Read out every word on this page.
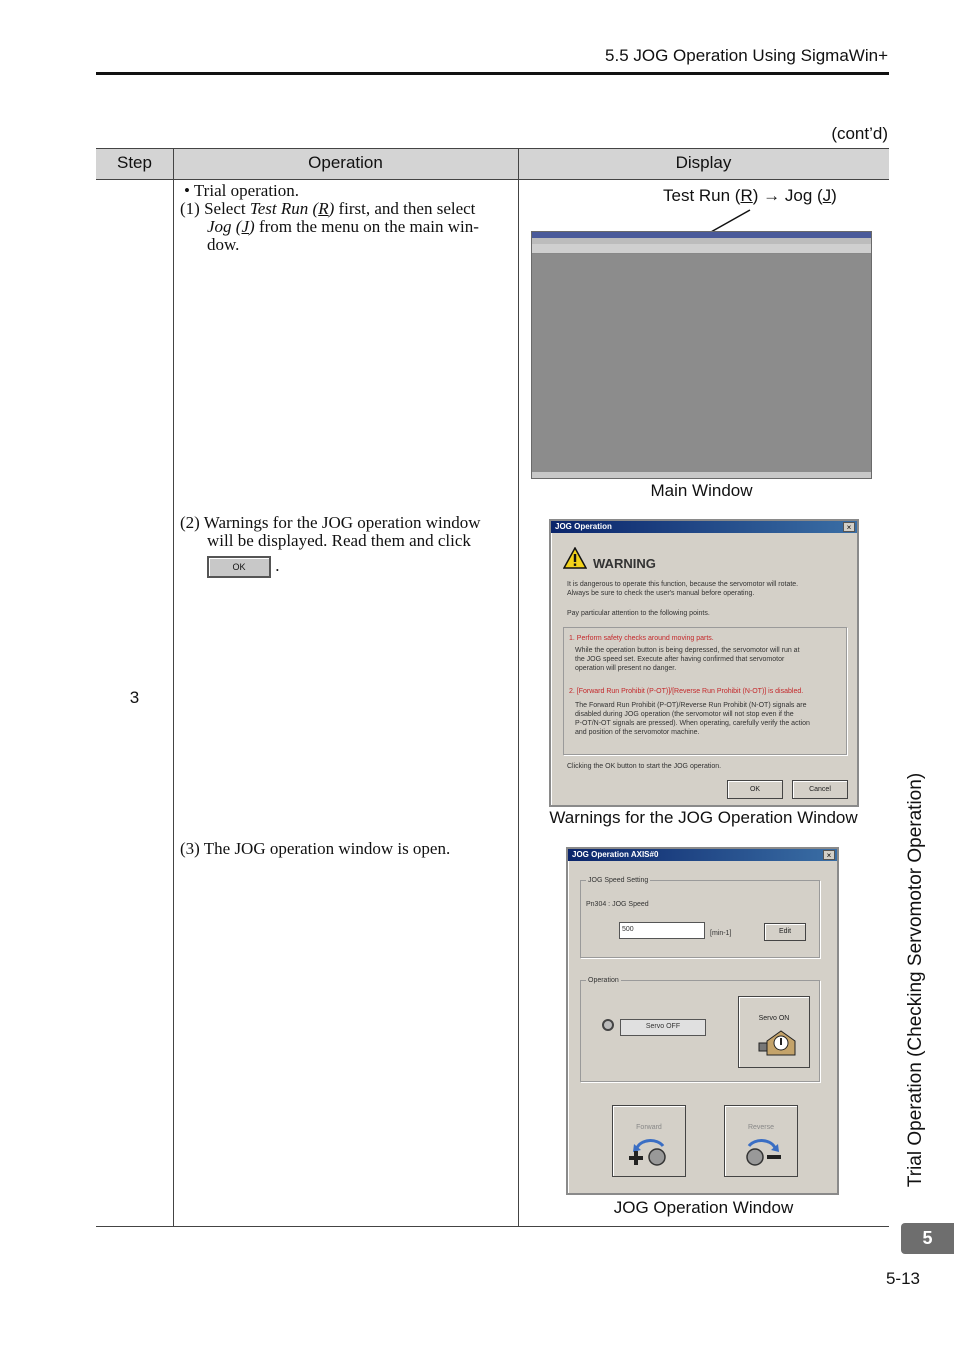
5.5 JOG Operation Using SigmaWin+
(cont’d)
Step	Operation	Display
3
• Trial operation.
(1) Select Test Run (R) first, and then select
Jog (J) from the menu on the main win-
dow.
(2) Warnings for the JOG operation window
will be displayed. Read them and click
OK .
(3) The JOG operation window is open.
Test Run (R) → Jog (J)
Main Window
JOG Operation	×
WARNING
It is dangerous to operate this function, because the servomotor will rotate.
Always be sure to check the user's manual before operating.
Pay particular attention to the following points.
1. Perform safety checks around moving parts.
While the operation button is being depressed, the servomotor will run at
the JOG speed set. Execute after having confirmed that servomotor
operation will present no danger.
2. [Forward Run Prohibit (P-OT)]/[Reverse Run Prohibit (N-OT)] is disabled.
The Forward Run Prohibit (P-OT)/Reverse Run Prohibit (N-OT) signals are
disabled during JOG operation (the servomotor will not stop even if the
P-OT/N-OT signals are pressed). When operating, carefully verify the action
and position of the servomotor machine.
Clicking the OK button to start the JOG operation.
OK	Cancel
Warnings for the JOG Operation Window
JOG Operation AXIS#0	×
JOG Speed Setting
Pn304 : JOG Speed
500
[min-1]	Edit
Operation
Servo OFF
Servo ON
Forward	Reverse
JOG Operation Window
Trial Operation (Checking Servomotor Operation)
5
5-13
